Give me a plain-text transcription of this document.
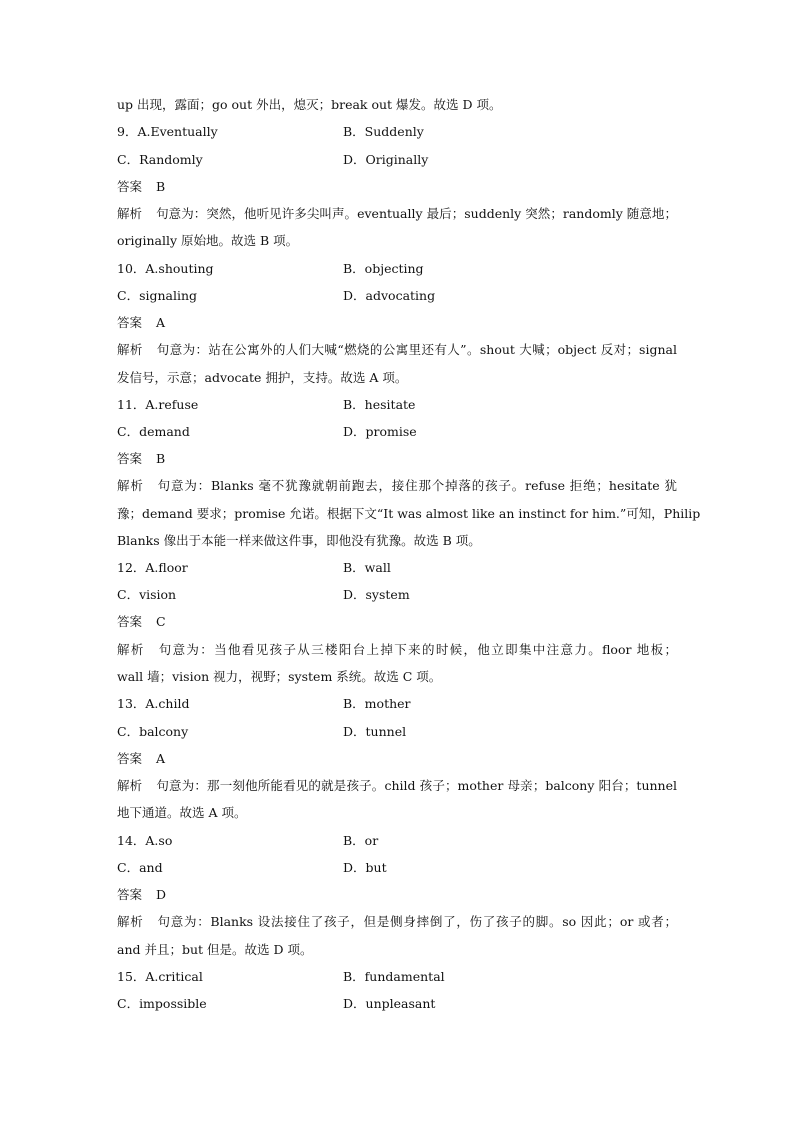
up 出现，露面；go out 外出，熄灭；break out 爆发。故选 D 项。
9．A.Eventually	B．Suddenly
C．Randomly	D．Originally
答案 B
解析 句意为：突然，他听见许多尖叫声。eventually 最后；suddenly 突然；randomly 随意地；
originally 原始地。故选 B 项。
10．A.shouting	B．objecting
C．signaling	D．advocating
答案 A
解析 句意为：站在公寓外的人们大喊“燃烧的公寓里还有人”。shout 大喊；object 反对；signal
发信号，示意；advocate 拥护，支持。故选 A 项。
11．A.refuse	B．hesitate
C．demand	D．promise
答案 B
解析 句意为：Blanks 毫不犹豫就朝前跑去，接住那个掉落的孩子。refuse 拒绝；hesitate 犹
豫；demand 要求；promise 允诺。根据下文“It was almost like an instinct for him.”可知，Philip
Blanks 像出于本能一样来做这件事，即他没有犹豫。故选 B 项。
12．A.floor	B．wall
C．vision	D．system
答案 C
解析 句意为：当他看见孩子从三楼阳台上掉下来的时候，他立即集中注意力。floor 地板；
wall 墙；vision 视力，视野；system 系统。故选 C 项。
13．A.child	B．mother
C．balcony	D．tunnel
答案 A
解析 句意为：那一刻他所能看见的就是孩子。child 孩子；mother 母亲；balcony 阳台；tunnel
地下通道。故选 A 项。
14．A.so	B．or
C．and	D．but
答案 D
解析 句意为：Blanks 设法接住了孩子，但是侧身摔倒了，伤了孩子的脚。so 因此；or 或者；
and 并且；but 但是。故选 D 项。
15．A.critical	B．fundamental
C．impossible	D．unpleasant
